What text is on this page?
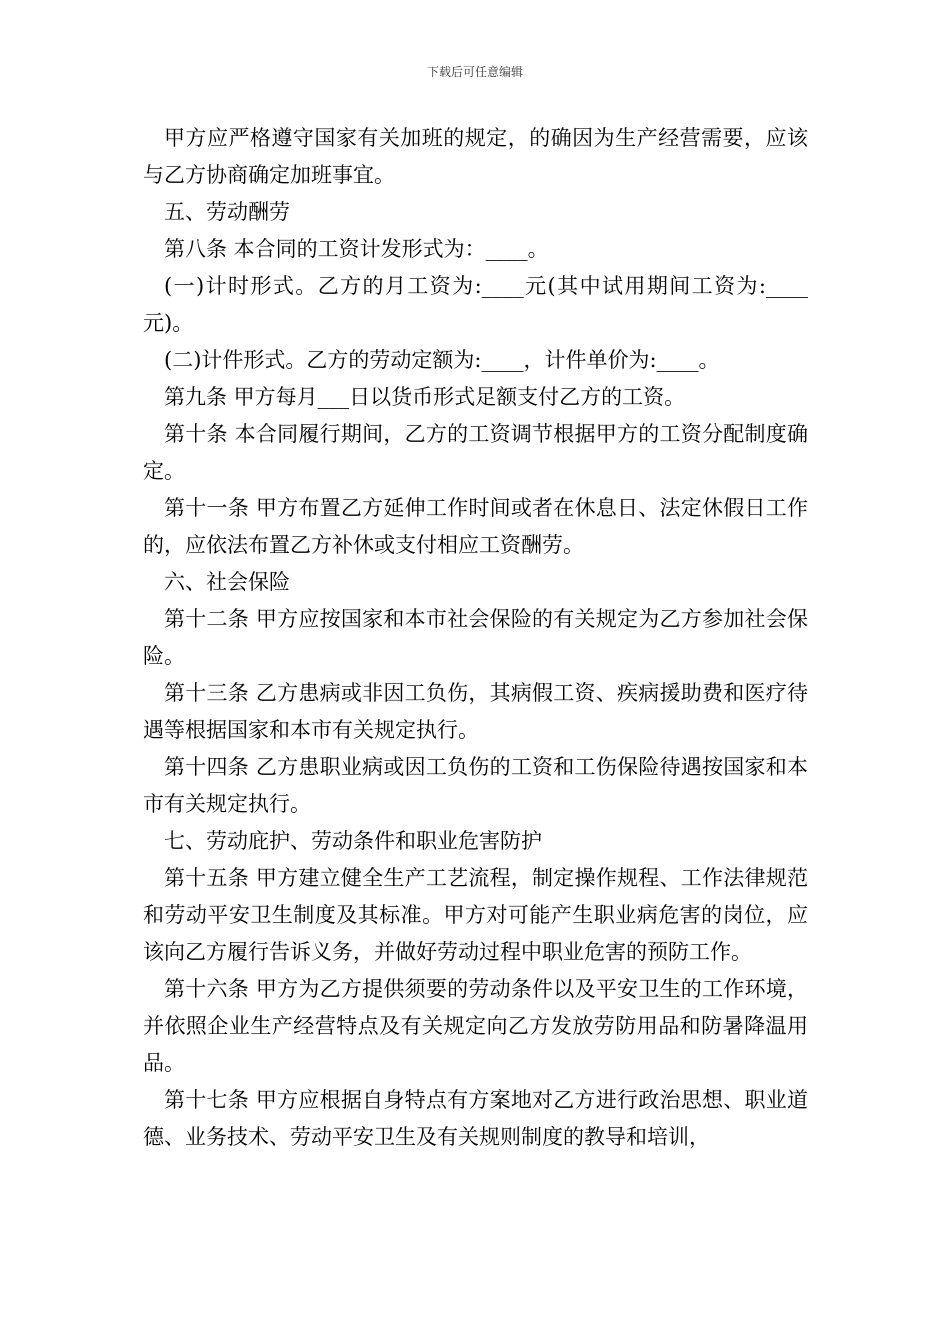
下载后可任意编辑

甲方应严格遵守国家有关加班的规定，的确因为生产经营需要，应该与乙方协商确定加班事宜。

五、劳动酬劳

第八条 本合同的工资计发形式为：____。

(一)计时形式。乙方的月工资为:____元(其中试用期间工资为:____元)。

(二)计件形式。乙方的劳动定额为:____，计件单价为:____。

第九条 甲方每月___日以货币形式足额支付乙方的工资。

第十条 本合同履行期间，乙方的工资调节根据甲方的工资分配制度确定。

第十一条 甲方布置乙方延伸工作时间或者在休息日、法定休假日工作的，应依法布置乙方补休或支付相应工资酬劳。

六、社会保险

第十二条 甲方应按国家和本市社会保险的有关规定为乙方参加社会保险。

第十三条 乙方患病或非因工负伤，其病假工资、疾病援助费和医疗待遇等根据国家和本市有关规定执行。

第十四条 乙方患职业病或因工负伤的工资和工伤保险待遇按国家和本市有关规定执行。

七、劳动庇护、劳动条件和职业危害防护

第十五条 甲方建立健全生产工艺流程，制定操作规程、工作法律规范和劳动平安卫生制度及其标准。甲方对可能产生职业病危害的岗位，应该向乙方履行告诉义务，并做好劳动过程中职业危害的预防工作。

第十六条 甲方为乙方提供须要的劳动条件以及平安卫生的工作环境，并依照企业生产经营特点及有关规定向乙方发放劳防用品和防暑降温用品。

第十七条 甲方应根据自身特点有方案地对乙方进行政治思想、职业道德、业务技术、劳动平安卫生及有关规则制度的教导和培训，
